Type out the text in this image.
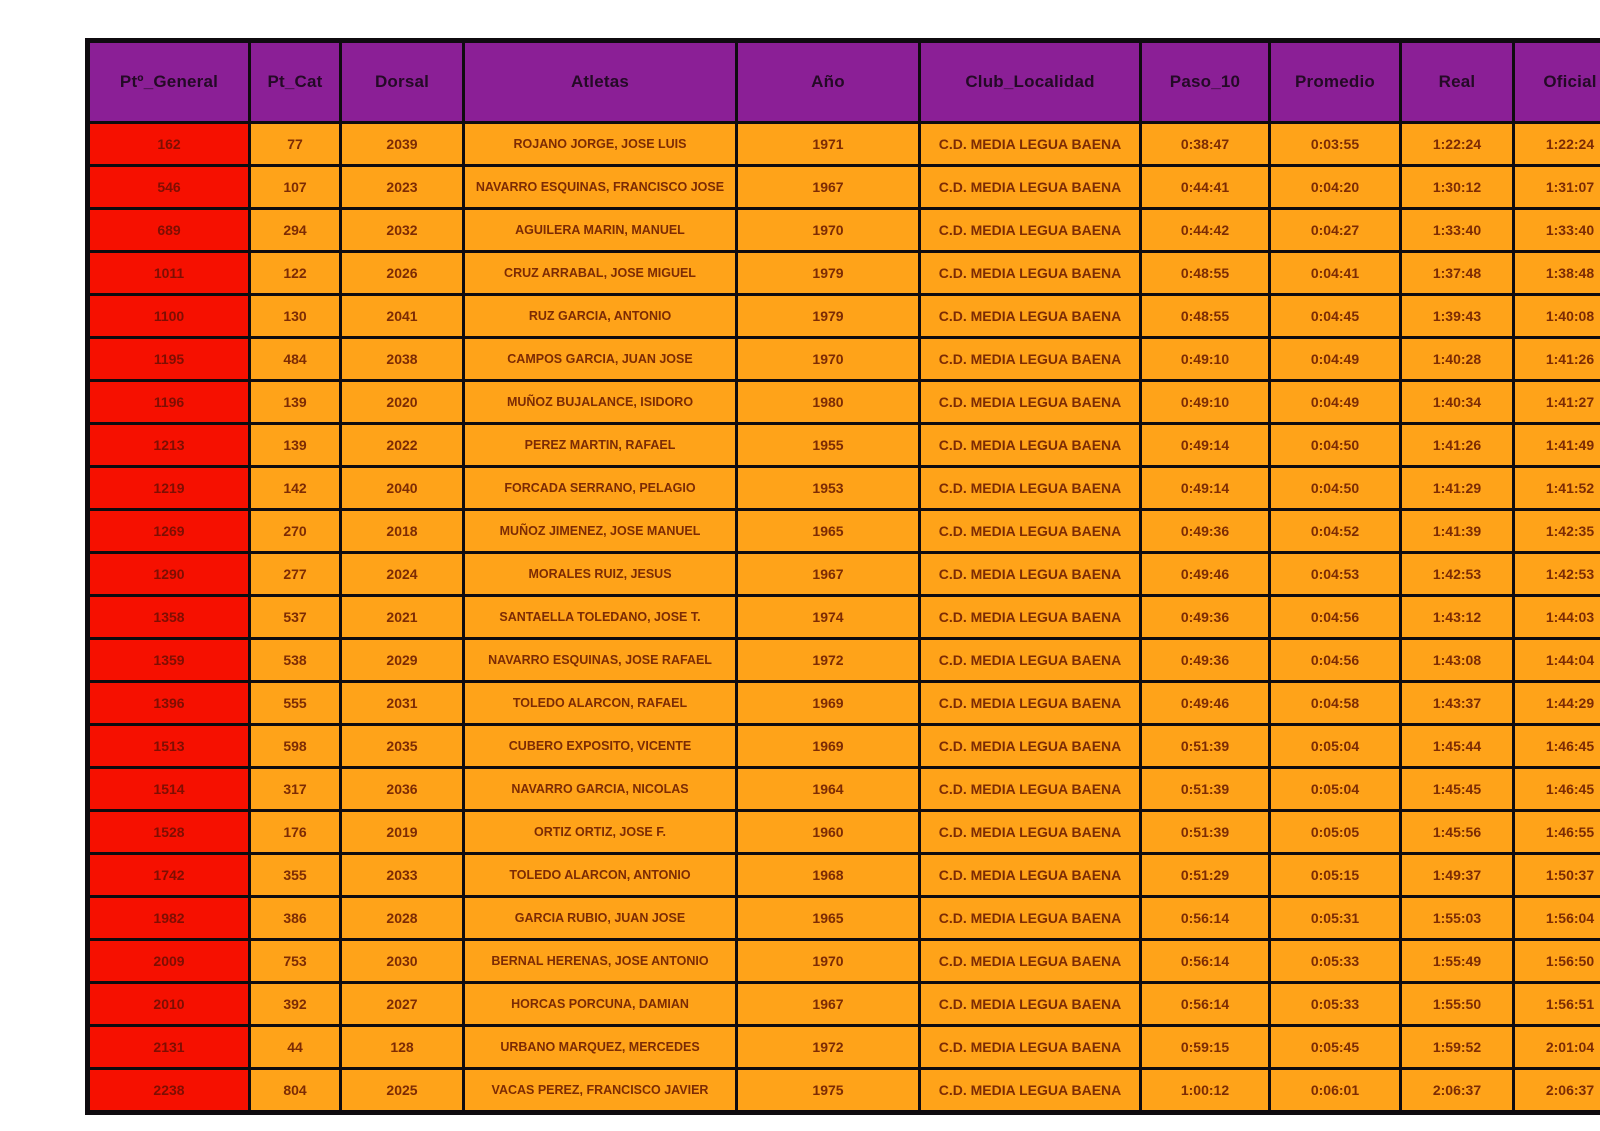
Ptº_General	Pt_Cat	Dorsal	Atletas	Año	Club_Localidad	Paso_10	Promedio	Real	Oficial
162	77	2039	ROJANO JORGE, JOSE LUIS	1971	C.D. MEDIA LEGUA BAENA	0:38:47	0:03:55	1:22:24	1:22:24
546	107	2023	NAVARRO ESQUINAS, FRANCISCO JOSE	1967	C.D. MEDIA LEGUA BAENA	0:44:41	0:04:20	1:30:12	1:31:07
689	294	2032	AGUILERA MARIN, MANUEL	1970	C.D. MEDIA LEGUA BAENA	0:44:42	0:04:27	1:33:40	1:33:40
1011	122	2026	CRUZ ARRABAL, JOSE MIGUEL	1979	C.D. MEDIA LEGUA BAENA	0:48:55	0:04:41	1:37:48	1:38:48
1100	130	2041	RUZ GARCIA, ANTONIO	1979	C.D. MEDIA LEGUA BAENA	0:48:55	0:04:45	1:39:43	1:40:08
1195	484	2038	CAMPOS GARCIA, JUAN JOSE	1970	C.D. MEDIA LEGUA BAENA	0:49:10	0:04:49	1:40:28	1:41:26
1196	139	2020	MUÑOZ BUJALANCE, ISIDORO	1980	C.D. MEDIA LEGUA BAENA	0:49:10	0:04:49	1:40:34	1:41:27
1213	139	2022	PEREZ MARTIN, RAFAEL	1955	C.D. MEDIA LEGUA BAENA	0:49:14	0:04:50	1:41:26	1:41:49
1219	142	2040	FORCADA SERRANO, PELAGIO	1953	C.D. MEDIA LEGUA BAENA	0:49:14	0:04:50	1:41:29	1:41:52
1269	270	2018	MUÑOZ JIMENEZ, JOSE MANUEL	1965	C.D. MEDIA LEGUA BAENA	0:49:36	0:04:52	1:41:39	1:42:35
1290	277	2024	MORALES RUIZ, JESUS	1967	C.D. MEDIA LEGUA BAENA	0:49:46	0:04:53	1:42:53	1:42:53
1358	537	2021	SANTAELLA TOLEDANO, JOSE T.	1974	C.D. MEDIA LEGUA BAENA	0:49:36	0:04:56	1:43:12	1:44:03
1359	538	2029	NAVARRO ESQUINAS, JOSE RAFAEL	1972	C.D. MEDIA LEGUA BAENA	0:49:36	0:04:56	1:43:08	1:44:04
1396	555	2031	TOLEDO ALARCON, RAFAEL	1969	C.D. MEDIA LEGUA BAENA	0:49:46	0:04:58	1:43:37	1:44:29
1513	598	2035	CUBERO EXPOSITO, VICENTE	1969	C.D. MEDIA LEGUA BAENA	0:51:39	0:05:04	1:45:44	1:46:45
1514	317	2036	NAVARRO GARCIA, NICOLAS	1964	C.D. MEDIA LEGUA BAENA	0:51:39	0:05:04	1:45:45	1:46:45
1528	176	2019	ORTIZ ORTIZ, JOSE F.	1960	C.D. MEDIA LEGUA BAENA	0:51:39	0:05:05	1:45:56	1:46:55
1742	355	2033	TOLEDO ALARCON, ANTONIO	1968	C.D. MEDIA LEGUA BAENA	0:51:29	0:05:15	1:49:37	1:50:37
1982	386	2028	GARCIA RUBIO, JUAN JOSE	1965	C.D. MEDIA LEGUA BAENA	0:56:14	0:05:31	1:55:03	1:56:04
2009	753	2030	BERNAL HERENAS, JOSE ANTONIO	1970	C.D. MEDIA LEGUA BAENA	0:56:14	0:05:33	1:55:49	1:56:50
2010	392	2027	HORCAS PORCUNA, DAMIAN	1967	C.D. MEDIA LEGUA BAENA	0:56:14	0:05:33	1:55:50	1:56:51
2131	44	128	URBANO MARQUEZ, MERCEDES	1972	C.D. MEDIA LEGUA BAENA	0:59:15	0:05:45	1:59:52	2:01:04
2238	804	2025	VACAS PEREZ, FRANCISCO JAVIER	1975	C.D. MEDIA LEGUA BAENA	1:00:12	0:06:01	2:06:37	2:06:37
